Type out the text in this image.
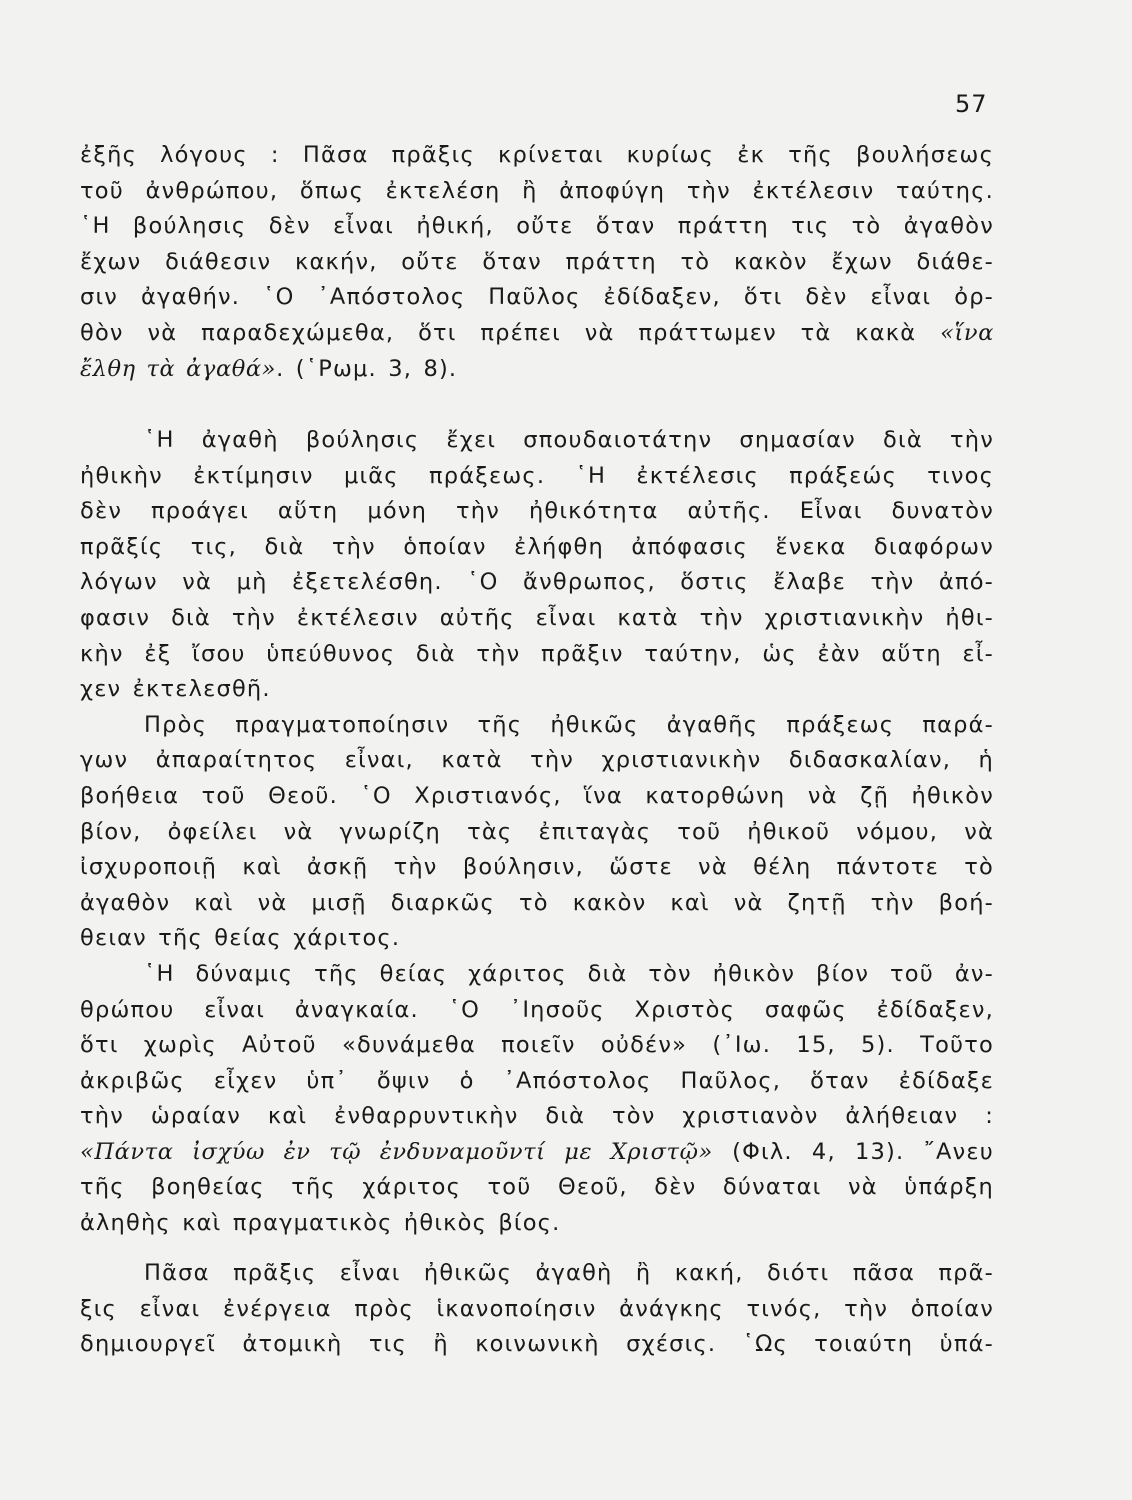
57
ἐξῆς λόγους : Πᾶσα πρᾶξις κρίνεται κυρίως ἐκ τῆς βουλήσεως
τοῦ ἀνθρώπου, ὅπως ἐκτελέση ἢ ἀποφύγη τὴν ἐκτέλεσιν ταύτης.
῾Η βούλησις δὲν εἶναι ἠθική, οὔτε ὅταν πράττη τις τὸ ἀγαθὸν
ἔχων διάθεσιν κακήν, οὔτε ὅταν πράττη τὸ κακὸν ἔχων διάθε-
σιν ἀγαθήν. ῾Ο ᾿Απόστολος Παῦλος ἐδίδαξεν, ὅτι δὲν εἶναι ὀρ-
θὸν νὰ παραδεχώμεθα, ὅτι πρέπει νὰ πράττωμεν τὰ κακὰ «ἵνα
ἔλθη τὰ ἀγαθά». (῾Ρωμ. 3, 8).
῾Η ἀγαθὴ βούλησις ἔχει σπουδαιοτάτην σημασίαν διὰ τὴν
ἠθικὴν ἐκτίμησιν μιᾶς πράξεως. ῾Η ἐκτέλεσις πράξεώς τινος
δὲν προάγει αὕτη μόνη τὴν ἠθικότητα αὐτῆς. Εἶναι δυνατὸν
πρᾶξίς τις, διὰ τὴν ὁποίαν ἐλήφθη ἀπόφασις ἕνεκα διαφόρων
λόγων νὰ μὴ ἐξετελέσθη. ῾Ο ἄνθρωπος, ὅστις ἔλαβε τὴν ἀπό-
φασιν διὰ τὴν ἐκτέλεσιν αὐτῆς εἶναι κατὰ τὴν χριστιανικὴν ἠθι-
κὴν ἐξ ἴσου ὑπεύθυνος διὰ τὴν πρᾶξιν ταύτην, ὡς ἐὰν αὕτη εἶ-
χεν ἐκτελεσθῆ.
Πρὸς πραγματοποίησιν τῆς ἠθικῶς ἀγαθῆς πράξεως παρά-
γων ἀπαραίτητος εἶναι, κατὰ τὴν χριστιανικὴν διδασκαλίαν, ἡ
βοήθεια τοῦ Θεοῦ. ῾Ο Χριστιανός, ἵνα κατορθώνη νὰ ζῇ ἠθικὸν
βίον, ὀφείλει νὰ γνωρίζη τὰς ἐπιταγὰς τοῦ ἠθικοῦ νόμου, νὰ
ἰσχυροποιῇ καὶ ἀσκῇ τὴν βούλησιν, ὥστε νὰ θέλη πάντοτε τὸ
ἀγαθὸν καὶ νὰ μισῇ διαρκῶς τὸ κακὸν καὶ νὰ ζητῇ τὴν βοή-
θειαν τῆς θείας χάριτος.
῾Η δύναμις τῆς θείας χάριτος διὰ τὸν ἠθικὸν βίον τοῦ ἀν-
θρώπου εἶναι ἀναγκαία. ῾Ο ᾿Ιησοῦς Χριστὸς σαφῶς ἐδίδαξεν,
ὅτι χωρὶς Αὐτοῦ «δυνάμεθα ποιεῖν οὐδέν» (᾿Ιω. 15, 5). Τοῦτο
ἀκριβῶς εἶχεν ὑπ᾿ ὄψιν ὁ ᾿Απόστολος Παῦλος, ὅταν ἐδίδαξε
τὴν ὡραίαν καὶ ἐνθαρρυντικὴν διὰ τὸν χριστιανὸν ἀλήθειαν :
«Πάντα ἰσχύω ἐν τῷ ἐνδυναμοῦντί με Χριστῷ» (Φιλ. 4, 13). ῎Ανευ
τῆς βοηθείας τῆς χάριτος τοῦ Θεοῦ, δὲν δύναται νὰ ὑπάρξη
ἀληθὴς καὶ πραγματικὸς ἠθικὸς βίος.
Πᾶσα πρᾶξις εἶναι ἠθικῶς ἀγαθὴ ἢ κακή, διότι πᾶσα πρᾶ-
ξις εἶναι ἐνέργεια πρὸς ἱκανοποίησιν ἀνάγκης τινός, τὴν ὁποίαν
δημιουργεῖ ἀτομικὴ τις ἢ κοινωνικὴ σχέσις. ῾Ως τοιαύτη ὑπά-
